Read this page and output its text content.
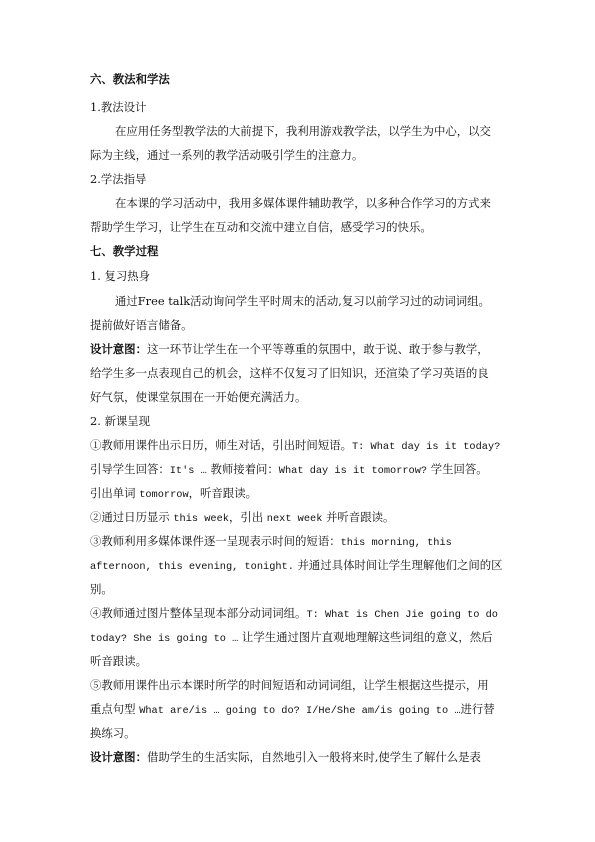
六、教法和学法
1.教法设计
在应用任务型教学法的大前提下，我利用游戏教学法，以学生为中心，以交
际为主线，通过一系列的教学活动吸引学生的注意力。
2.学法指导
在本课的学习活动中，我用多媒体课件辅助教学，以多种合作学习的方式来
帮助学生学习，让学生在互动和交流中建立自信，感受学习的快乐。
七、教学过程
1. 复习热身
通过Free talk活动询问学生平时周末的活动,复习以前学习过的动词词组。
提前做好语言储备。
设计意图：这一环节让学生在一个平等尊重的氛围中，敢于说、敢于参与教学，
给学生多一点表现自己的机会，这样不仅复习了旧知识，还渲染了学习英语的良
好气氛，使课堂氛围在一开始便充满活力。
2. 新课呈现
①教师用课件出示日历，师生对话，引出时间短语。T: What day is it today?
引导学生回答：It's … 教师接着问：What day is it tomorrow? 学生回答。
引出单词 tomorrow，听音跟读。
②通过日历显示 this week，引出 next week 并听音跟读。
③教师利用多媒体课件逐一呈现表示时间的短语：this morning, this
afternoon, this evening, tonight. 并通过具体时间让学生理解他们之间的区
别。
④教师通过图片整体呈现本部分动词词组。T: What is Chen Jie going to do
today? She is going to … 让学生通过图片直观地理解这些词组的意义，然后
听音跟读。
⑤教师用课件出示本课时所学的时间短语和动词词组，让学生根据这些提示，用
重点句型 What are/is … going to do? I/He/She am/is going to …进行替
换练习。
设计意图：借助学生的生活实际，自然地引入一般将来时,使学生了解什么是表
